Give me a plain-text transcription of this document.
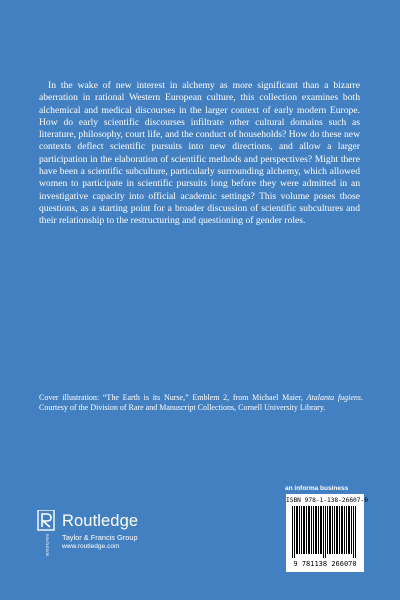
In the wake of new interest in alchemy as more significant than a bizarre aberration in rational Western European culture, this collection examines both alchemical and medical discourses in the larger context of early modern Europe. How do early scientific discourses infiltrate other cultural domains such as literature, philosophy, court life, and the conduct of households? How do these new contexts deflect scientific pursuits into new directions, and allow a larger participation in the elaboration of scientific methods and perspectives? Might there have been a scientific subculture, particularly surrounding alchemy, which allowed women to participate in scientific pursuits long before they were admitted in an investigative capacity into official academic settings? This volume poses those questions, as a starting point for a broader discussion of scientific subcultures and their relationship to the restructuring and questioning of gender roles.

Cover illustration: “The Earth is its Nurse,” Emblem 2, from Michael Maier, Atalanta fugiens. Courtesy of the Division of Rare and Manuscript Collections, Cornell University Library.

ROUTLEDGE
Routledge
Taylor & Francis Group
www.routledge.com
an informa business
ISBN 978-1-138-26607-0
9 781138 266070
